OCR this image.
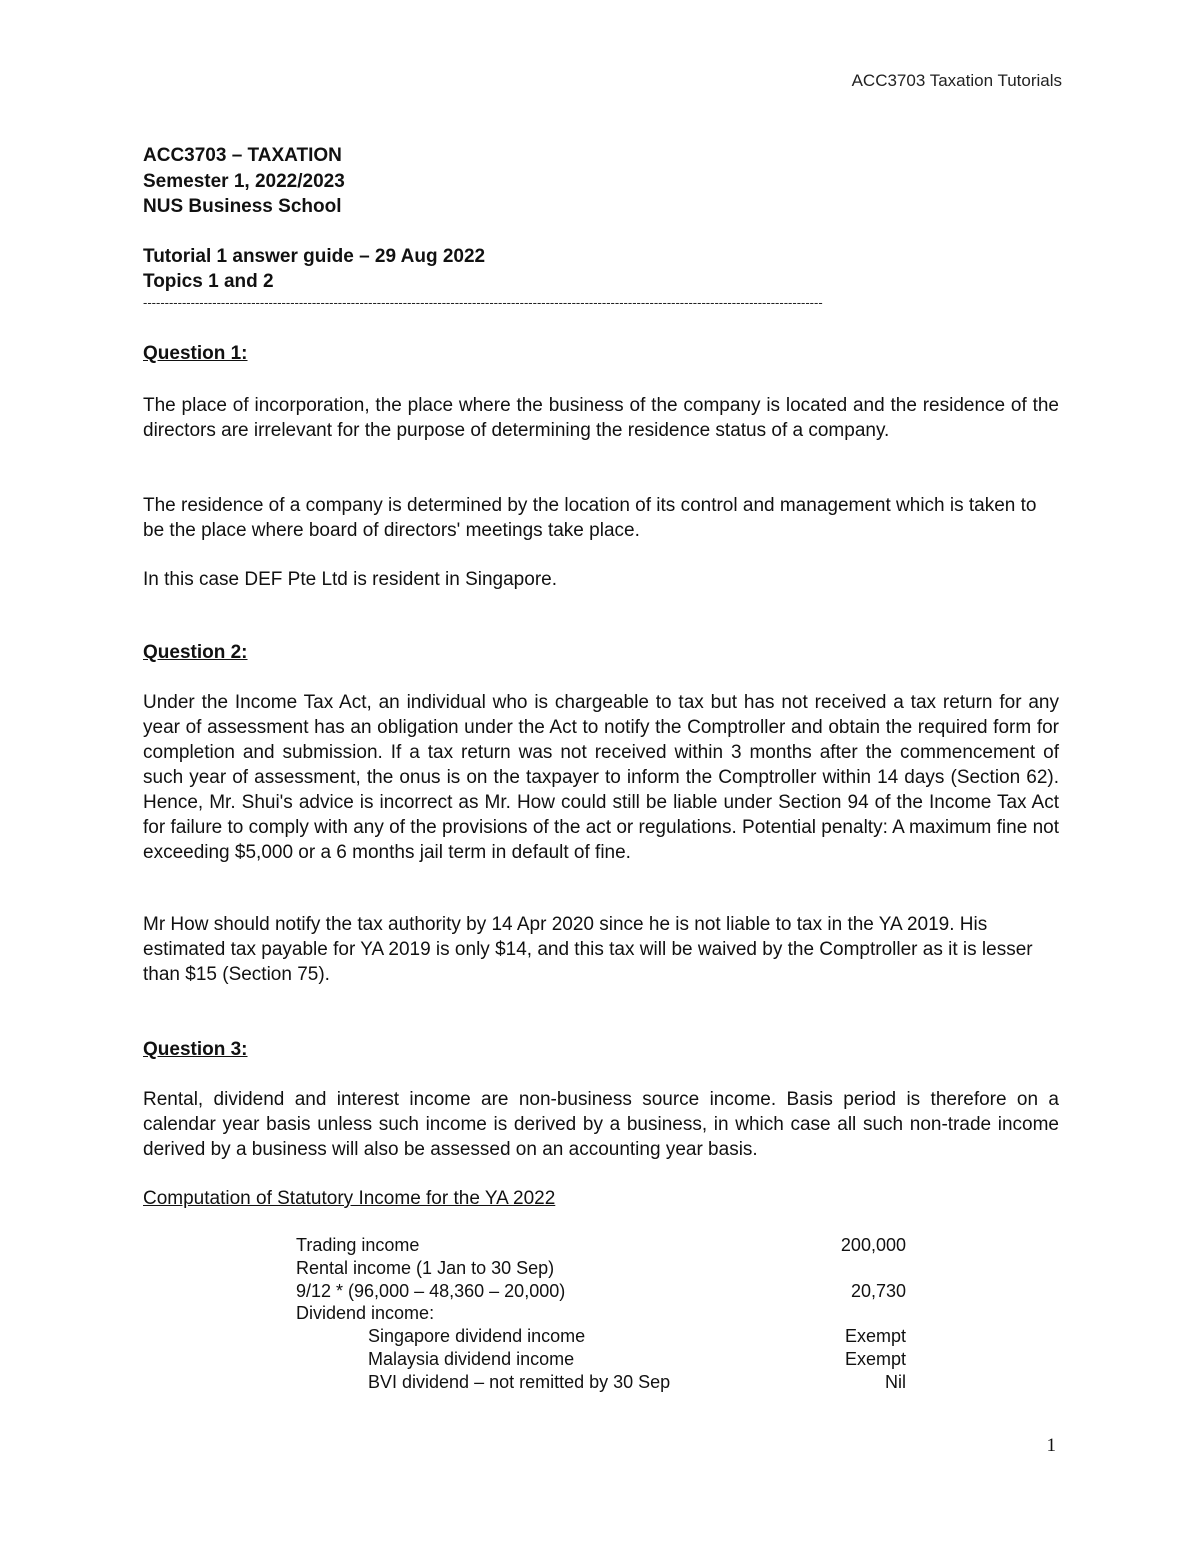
ACC3703 Taxation Tutorials
ACC3703 – TAXATION
Semester 1, 2022/2023
NUS Business School
Tutorial 1 answer guide – 29 Aug 2022
Topics 1 and 2
-------------------------------------------------------------------------------------------------------------------------------------------------------------
Question 1:

The place of incorporation, the place where the business of the company is located and the residence of the directors are irrelevant for the purpose of determining the residence status of a company.

The residence of a company is determined by the location of its control and management which is taken to be the place where board of directors' meetings take place.

In this case DEF Pte Ltd is resident in Singapore.

Question 2:

Under the Income Tax Act, an individual who is chargeable to tax but has not received a tax return for any year of assessment has an obligation under the Act to notify the Comptroller and obtain the required form for completion and submission. If a tax return was not received within 3 months after the commencement of such year of assessment, the onus is on the taxpayer to inform the Comptroller within 14 days (Section 62). Hence, Mr. Shui's advice is incorrect as Mr. How could still be liable under Section 94 of the Income Tax Act for failure to comply with any of the provisions of the act or regulations. Potential penalty: A maximum fine not exceeding $5,000 or a 6 months jail term in default of fine.

Mr How should notify the tax authority by 14 Apr 2020 since he is not liable to tax in the YA 2019. His estimated tax payable for YA 2019 is only $14, and this tax will be waived by the Comptroller as it is lesser than $15 (Section 75).

Question 3:

Rental, dividend and interest income are non-business source income. Basis period is therefore on a calendar year basis unless such income is derived by a business, in which case all such non-trade income derived by a business will also be assessed on an accounting year basis.

Computation of Statutory Income for the YA 2022
Trading income	200,000
Rental income (1 Jan to 30 Sep)
9/12 * (96,000 – 48,360 – 20,000)	20,730
Dividend income:
Singapore dividend income	Exempt
Malaysia dividend income	Exempt
BVI dividend – not remitted by 30 Sep	Nil
1
